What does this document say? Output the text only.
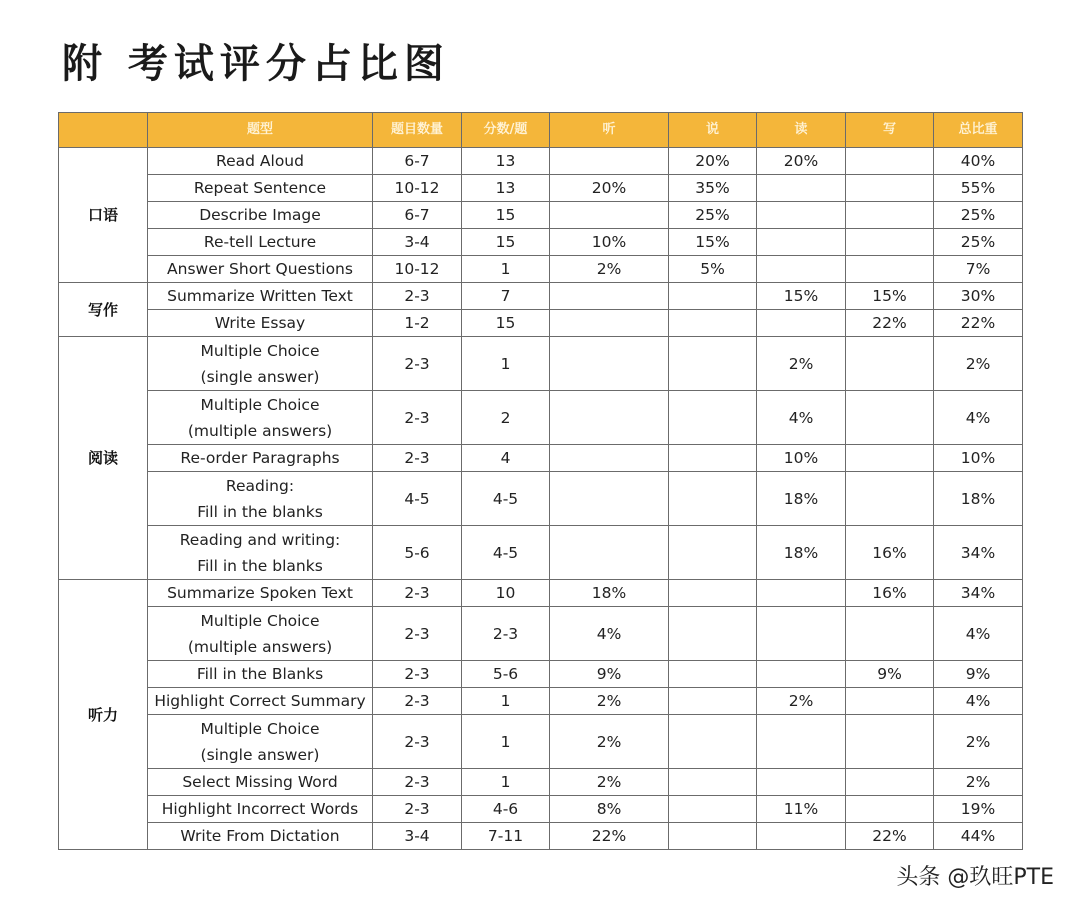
附 考试评分占比图
	题型	题目数量	分数/题	听	说	读	写	总比重
口语	Read Aloud	6-7	13		20%	20%		40%

	Repeat Sentence	10-12	13	20%	35%			55%

	Describe Image	6-7	15		25%			25%

	Re-tell Lecture	3-4	15	10%	15%			25%

	Answer Short Questions	10-12	1	2%	5%			7%
写作	Summarize Written Text	2-3	7			15%	15%	30%

	Write Essay	1-2	15				22%	22%
阅读	Multiple Choice
(single answer)	2-3	1			2%		2%

	Multiple Choice
(multiple answers)	2-3	2			4%		4%

	Re-order Paragraphs	2-3	4			10%		10%

	Reading:
Fill in the blanks	4-5	4-5			18%		18%

	Reading and writing:
Fill in the blanks	5-6	4-5			18%	16%	34%
听力	Summarize Spoken Text	2-3	10	18%			16%	34%

	Multiple Choice
(multiple answers)	2-3	2-3	4%				4%

	Fill in the Blanks	2-3	5-6	9%			9%	9%

	Highlight Correct Summary	2-3	1	2%		2%		4%

	Multiple Choice
(single answer)	2-3	1	2%				2%

	Select Missing Word	2-3	1	2%				2%

	Highlight Incorrect Words	2-3	4-6	8%		11%		19%

	Write From Dictation	3-4	7-11	22%			22%	44%
头条 @玖旺PTE
